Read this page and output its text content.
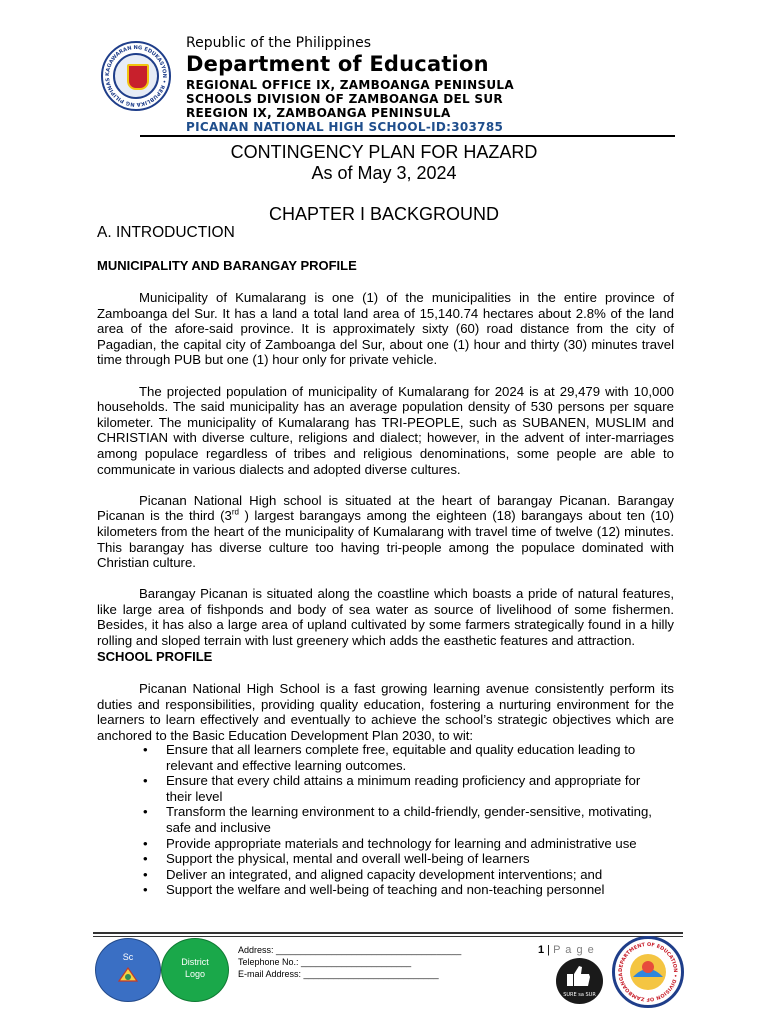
KAGAWARAN NG EDUKASYON • REPUBLIKA NG PILIPINAS
Republic of the Philippines
Department of Education
REGIONAL OFFICE IX, ZAMBOANGA PENINSULA
SCHOOLS DIVISION OF ZAMBOANGA DEL SUR
REEGION IX, ZAMBOANGA PENINSULA
PICANAN NATIONAL HIGH SCHOOL-ID:303785
CONTINGENCY PLAN FOR HAZARD
As of May 3, 2024
CHAPTER I BACKGROUND
A. INTRODUCTION
MUNICIPALITY AND BARANGAY PROFILE

Municipality of Kumalarang is one (1) of the municipalities in the entire province of Zamboanga del Sur. It has a land a total land area of 15,140.74 hectares about 2.8% of the land area of the afore-said province. It is approximately sixty (60) road distance from the city of Pagadian, the capital city of Zamboanga del Sur, about one (1) hour and thirty (30) minutes travel time through PUB but one (1) hour only for private vehicle.

The projected population of municipality of Kumalarang for 2024 is at 29,479 with 10,000 households. The said municipality has an average population density of 530 persons per square kilometer. The municipality of Kumalarang has TRI-PEOPLE, such as SUBANEN, MUSLIM and CHRISTIAN with diverse culture, religions and dialect; however, in the advent of inter-marriages among populace regardless of tribes and religious denominations, some people are able to communicate in various dialects and adopted diverse cultures.

Picanan National High school is situated at the heart of barangay Picanan. Barangay Picanan is the third (3rd ) largest barangays among the eighteen (18) barangays about ten (10) kilometers from the heart of the municipality of Kumalarang with travel time of twelve (12) minutes. This barangay has diverse culture too having tri-people among the populace dominated with Christian culture.

Barangay Picanan is situated along the coastline which boasts a pride of natural features, like large area of fishponds and body of sea water as source of livelihood of some fishermen. Besides, it has also a large area of upland cultivated by some farmers strategically found in a hilly rolling and sloped terrain with lust greenery which adds the easthetic features and attraction.

SCHOOL PROFILE

Picanan National High School is a fast growing learning avenue consistently perform its duties and responsibilities, providing quality education, fostering a nurturing environment for the learners to learn effectively and eventually to achieve the school’s strategic objectives which are anchored to the Basic Education Development Plan 2030, to wit:

• Ensure that all learners complete free, equitable and quality education leading to relevant and effective learning outcomes.
• Ensure that every child attains a minimum reading proficiency and appropriate for their level
• Transform the learning environment to a child-friendly, gender-sensitive, motivating, safe and inclusive
• Provide appropriate materials and technology for learning and administrative use
• Support the physical, mental and overall well-being of learners
• Deliver an integrated, and aligned capacity development interventions; and
• Support the welfare and well-being of teaching and non-teaching personnel
Sc	District Logo
Address: _____________________________________
Telephone No.: ______________________
E-mail Address: ___________________________
1 | P a g e
SURE sa SUR
DEPARTMENT OF EDUCATION • DIVISION OF ZAMBOANGA
